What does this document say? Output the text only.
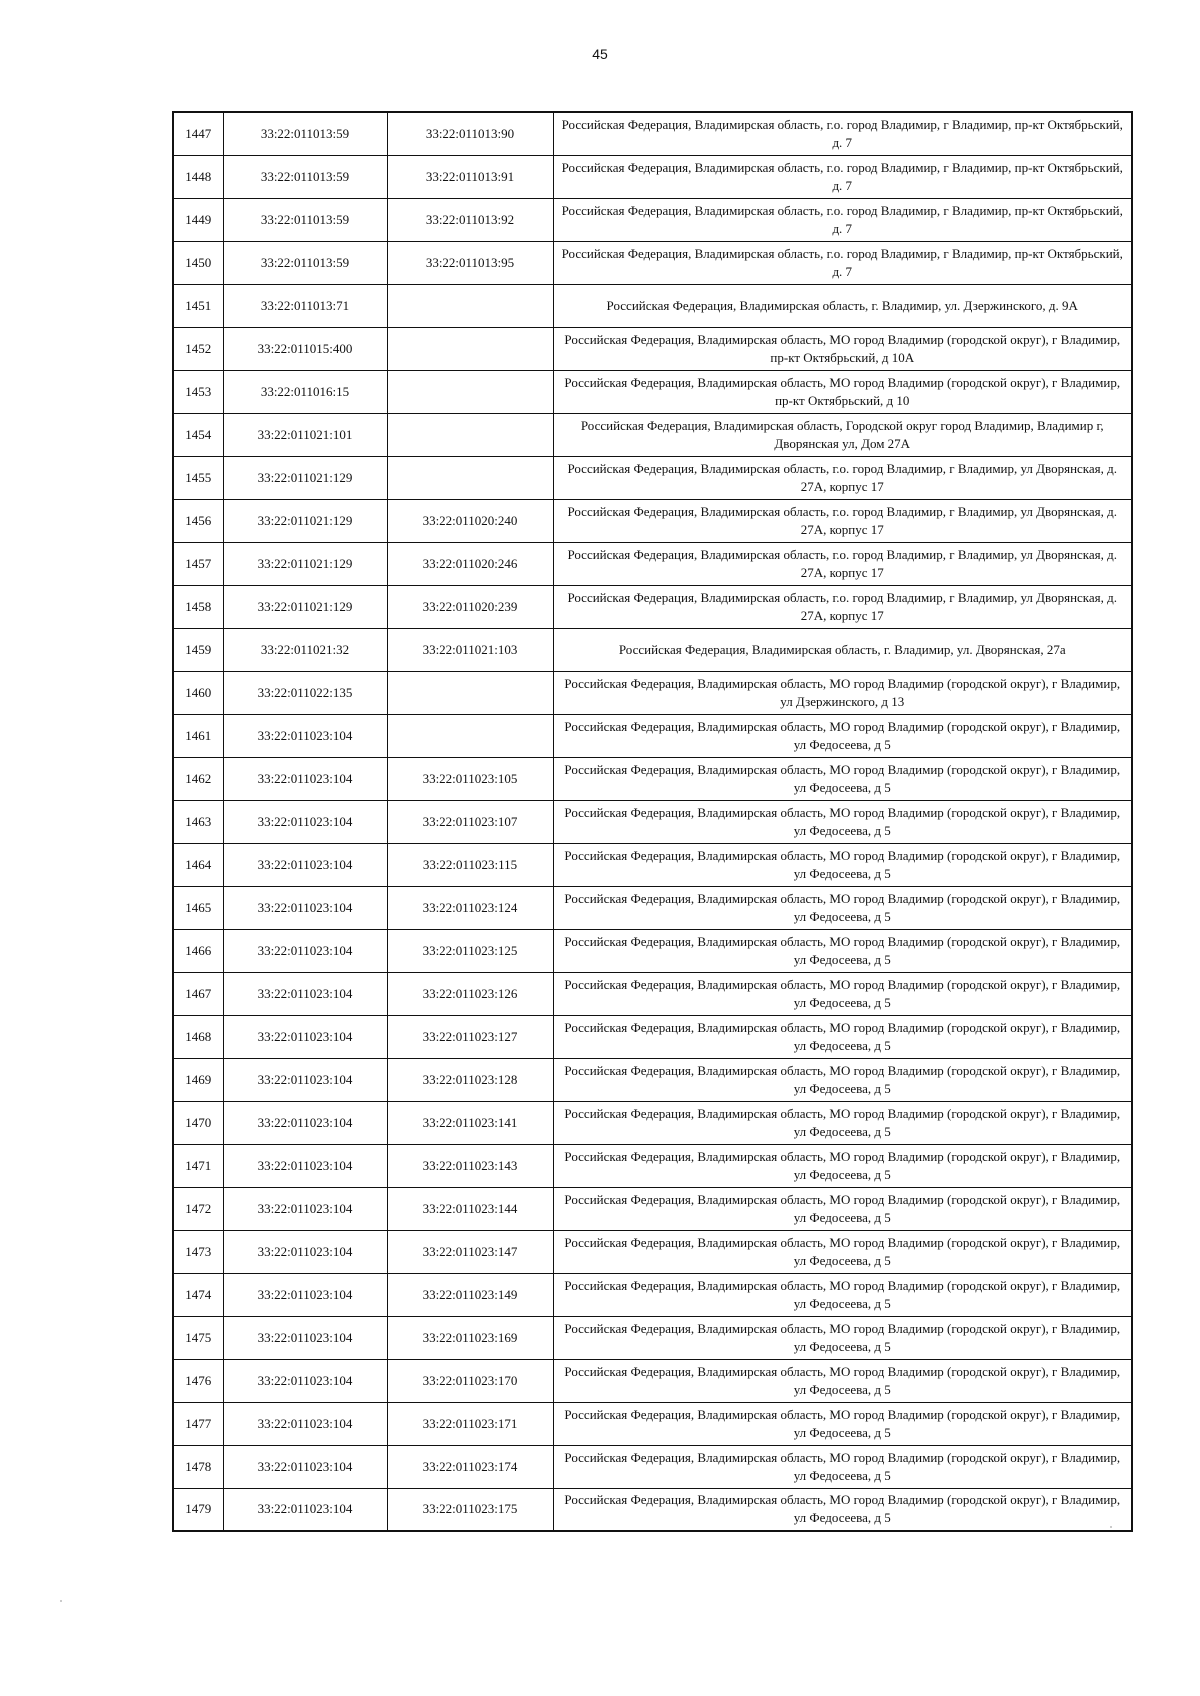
45
1447	33:22:011013:59	33:22:011013:90	Российская Федерация, Владимирская область, г.о. город Владимир, г Владимир, пр-кт Октябрьский, д. 7
1448	33:22:011013:59	33:22:011013:91	Российская Федерация, Владимирская область, г.о. город Владимир, г Владимир, пр-кт Октябрьский, д. 7
1449	33:22:011013:59	33:22:011013:92	Российская Федерация, Владимирская область, г.о. город Владимир, г Владимир, пр-кт Октябрьский, д. 7
1450	33:22:011013:59	33:22:011013:95	Российская Федерация, Владимирская область, г.о. город Владимир, г Владимир, пр-кт Октябрьский, д. 7
1451	33:22:011013:71		Российская Федерация, Владимирская область, г. Владимир, ул. Дзержинского, д. 9А
1452	33:22:011015:400		Российская Федерация, Владимирская область, МО город Владимир (городской округ), г Владимир, пр-кт Октябрьский, д 10А
1453	33:22:011016:15		Российская Федерация, Владимирская область, МО город Владимир (городской округ), г Владимир, пр-кт Октябрьский, д 10
1454	33:22:011021:101		Российская Федерация, Владимирская область, Городской округ город Владимир, Владимир г, Дворянская ул, Дом 27А
1455	33:22:011021:129		Российская Федерация, Владимирская область, г.о. город Владимир, г Владимир, ул Дворянская, д. 27А, корпус 17
1456	33:22:011021:129	33:22:011020:240	Российская Федерация, Владимирская область, г.о. город Владимир, г Владимир, ул Дворянская, д. 27А, корпус 17
1457	33:22:011021:129	33:22:011020:246	Российская Федерация, Владимирская область, г.о. город Владимир, г Владимир, ул Дворянская, д. 27А, корпус 17
1458	33:22:011021:129	33:22:011020:239	Российская Федерация, Владимирская область, г.о. город Владимир, г Владимир, ул Дворянская, д. 27А, корпус 17
1459	33:22:011021:32	33:22:011021:103	Российская Федерация, Владимирская область, г. Владимир, ул. Дворянская, 27а
1460	33:22:011022:135		Российская Федерация, Владимирская область, МО город Владимир (городской округ), г Владимир, ул Дзержинского, д 13
1461	33:22:011023:104		Российская Федерация, Владимирская область, МО город Владимир (городской округ), г Владимир, ул Федосеева, д 5
1462	33:22:011023:104	33:22:011023:105	Российская Федерация, Владимирская область, МО город Владимир (городской округ), г Владимир, ул Федосеева, д 5
1463	33:22:011023:104	33:22:011023:107	Российская Федерация, Владимирская область, МО город Владимир (городской округ), г Владимир, ул Федосеева, д 5
1464	33:22:011023:104	33:22:011023:115	Российская Федерация, Владимирская область, МО город Владимир (городской округ), г Владимир, ул Федосеева, д 5
1465	33:22:011023:104	33:22:011023:124	Российская Федерация, Владимирская область, МО город Владимир (городской округ), г Владимир, ул Федосеева, д 5
1466	33:22:011023:104	33:22:011023:125	Российская Федерация, Владимирская область, МО город Владимир (городской округ), г Владимир, ул Федосеева, д 5
1467	33:22:011023:104	33:22:011023:126	Российская Федерация, Владимирская область, МО город Владимир (городской округ), г Владимир, ул Федосеева, д 5
1468	33:22:011023:104	33:22:011023:127	Российская Федерация, Владимирская область, МО город Владимир (городской округ), г Владимир, ул Федосеева, д 5
1469	33:22:011023:104	33:22:011023:128	Российская Федерация, Владимирская область, МО город Владимир (городской округ), г Владимир, ул Федосеева, д 5
1470	33:22:011023:104	33:22:011023:141	Российская Федерация, Владимирская область, МО город Владимир (городской округ), г Владимир, ул Федосеева, д 5
1471	33:22:011023:104	33:22:011023:143	Российская Федерация, Владимирская область, МО город Владимир (городской округ), г Владимир, ул Федосеева, д 5
1472	33:22:011023:104	33:22:011023:144	Российская Федерация, Владимирская область, МО город Владимир (городской округ), г Владимир, ул Федосеева, д 5
1473	33:22:011023:104	33:22:011023:147	Российская Федерация, Владимирская область, МО город Владимир (городской округ), г Владимир, ул Федосеева, д 5
1474	33:22:011023:104	33:22:011023:149	Российская Федерация, Владимирская область, МО город Владимир (городской округ), г Владимир, ул Федосеева, д 5
1475	33:22:011023:104	33:22:011023:169	Российская Федерация, Владимирская область, МО город Владимир (городской округ), г Владимир, ул Федосеева, д 5
1476	33:22:011023:104	33:22:011023:170	Российская Федерация, Владимирская область, МО город Владимир (городской округ), г Владимир, ул Федосеева, д 5
1477	33:22:011023:104	33:22:011023:171	Российская Федерация, Владимирская область, МО город Владимир (городской округ), г Владимир, ул Федосеева, д 5
1478	33:22:011023:104	33:22:011023:174	Российская Федерация, Владимирская область, МО город Владимир (городской округ), г Владимир, ул Федосеева, д 5
1479	33:22:011023:104	33:22:011023:175	Российская Федерация, Владимирская область, МО город Владимир (городской округ), г Владимир, ул Федосеева, д 5
